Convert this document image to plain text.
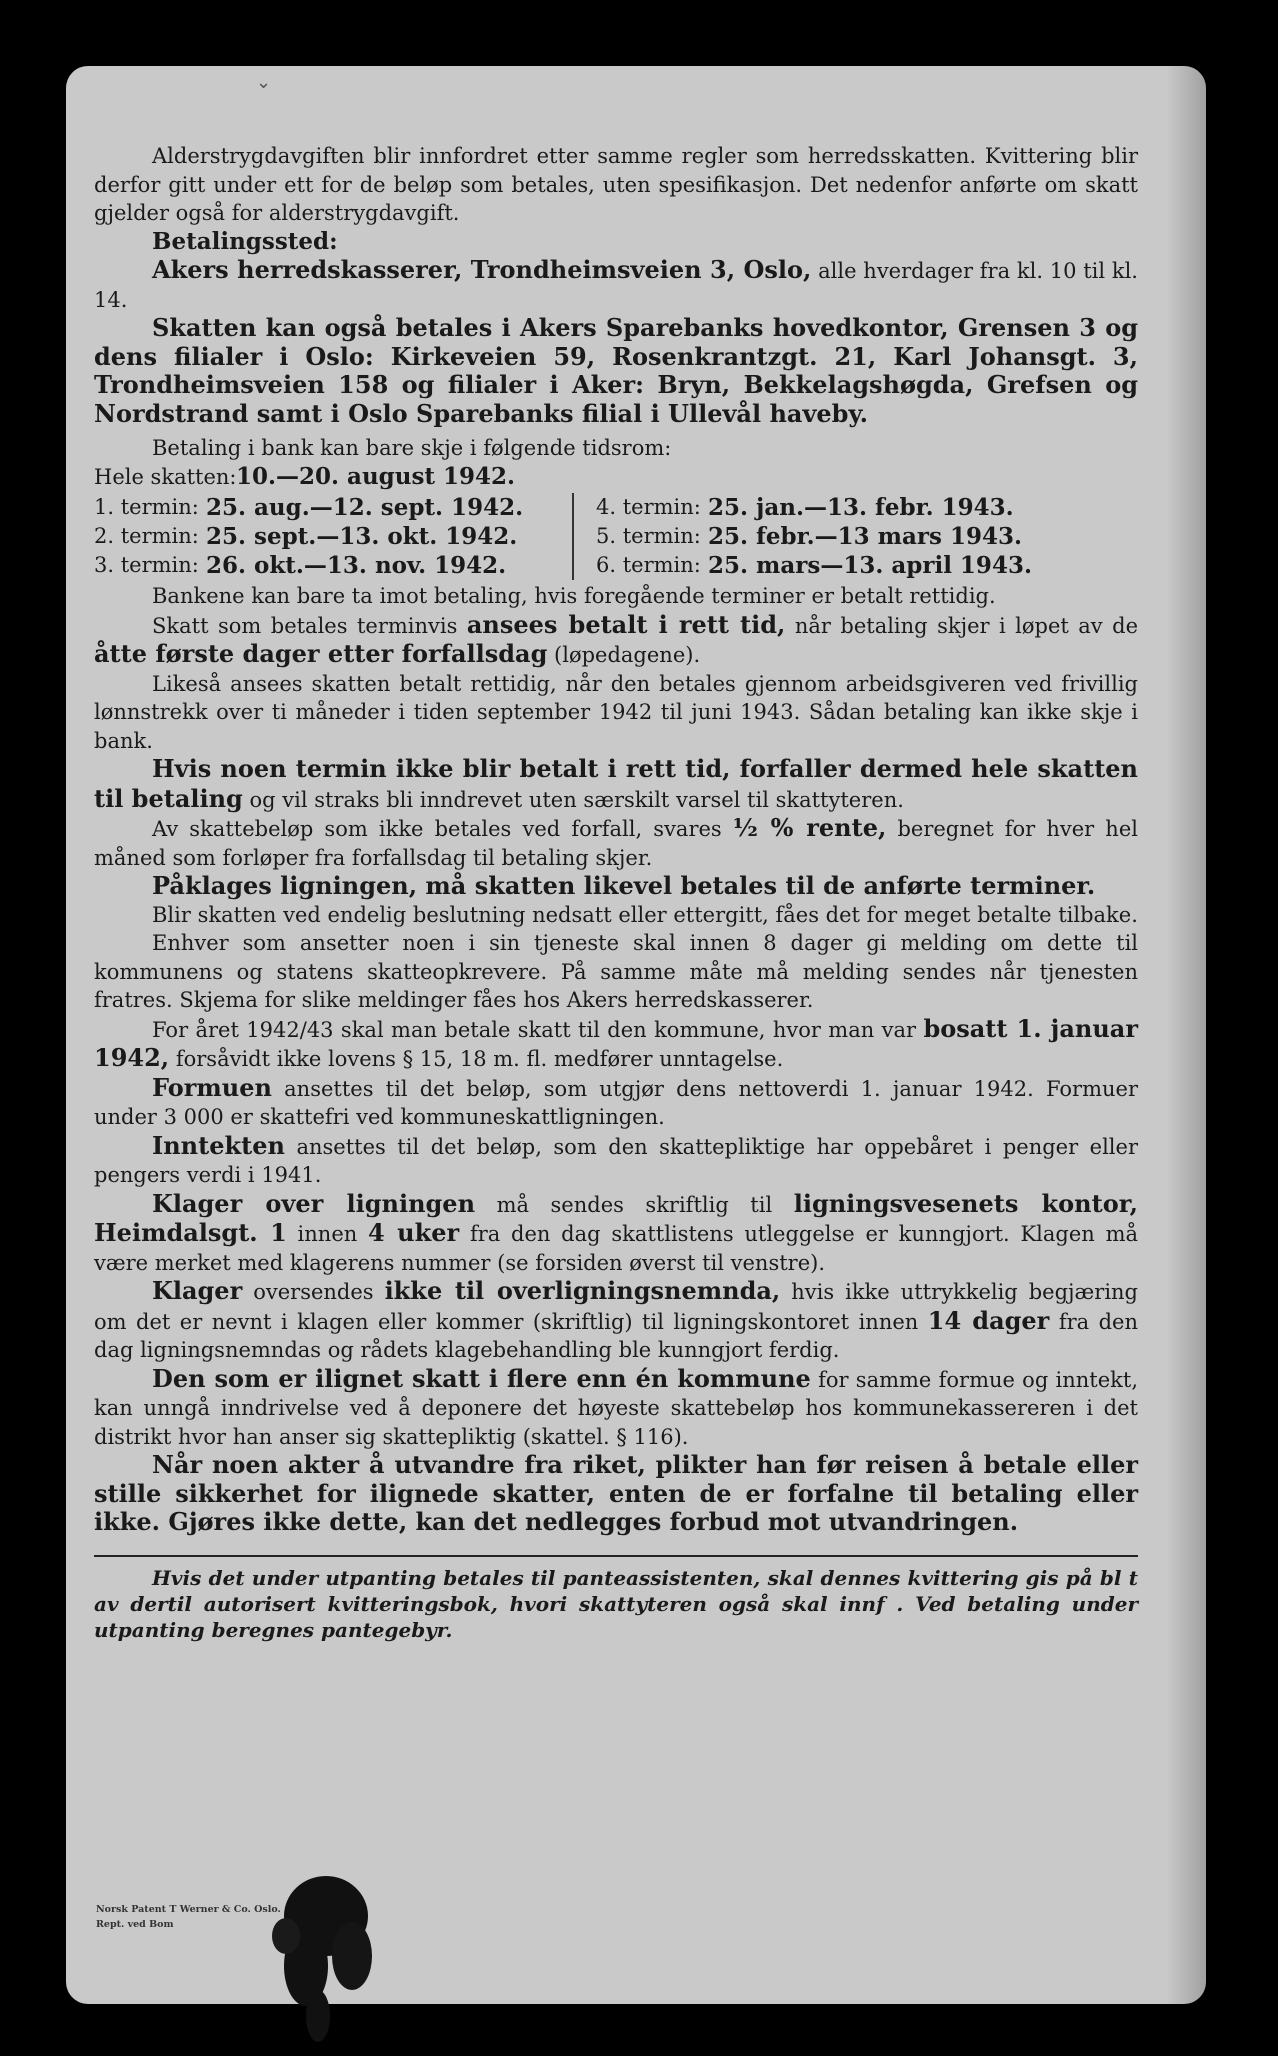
⌄

Alderstrygdavgiften blir innfordret etter samme regler som herredsskatten. Kvittering blir derfor gitt under ett for de beløp som betales, uten spesifikasjon. Det nedenfor anførte om skatt gjelder også for alderstrygdavgift.

Betalingssted:

Akers herredskasserer, Trondheimsveien 3, Oslo, alle hverdager fra kl. 10 til kl. 14.

Skatten kan også betales i Akers Sparebanks hovedkontor, Grensen 3 og dens filialer i Oslo: Kirkeveien 59, Rosenkrantzgt. 21, Karl Johansgt. 3, Trondheimsveien 158 og filialer i Aker: Bryn, Bekkelagshøgda, Grefsen og Nordstrand samt i Oslo Sparebanks filial i Ullevål haveby.

Betaling i bank kan bare skje i følgende tidsrom:

Hele skatten: 10.—20. august 1942.
1. termin: 25. aug.—12. sept. 1942.
2. termin: 25. sept.—13. okt. 1942.
3. termin: 26. okt.—13. nov. 1942.
4. termin: 25. jan.—13. febr. 1943.
5. termin: 25. febr.—13 mars 1943.
6. termin: 25. mars—13. april 1943.

Bankene kan bare ta imot betaling, hvis foregående terminer er betalt rettidig.

Skatt som betales terminvis ansees betalt i rett tid, når betaling skjer i løpet av de åtte første dager etter forfallsdag (løpedagene).

Likeså ansees skatten betalt rettidig, når den betales gjennom arbeidsgiveren ved frivillig lønnstrekk over ti måneder i tiden september 1942 til juni 1943. Sådan betaling kan ikke skje i bank.

Hvis noen termin ikke blir betalt i rett tid, forfaller dermed hele skatten til betaling og vil straks bli inndrevet uten særskilt varsel til skattyteren.

Av skattebeløp som ikke betales ved forfall, svares ½ % rente, beregnet for hver hel måned som forløper fra forfallsdag til betaling skjer.

Påklages ligningen, må skatten likevel betales til de anførte terminer.

Blir skatten ved endelig beslutning nedsatt eller ettergitt, fåes det for meget betalte tilbake.

Enhver som ansetter noen i sin tjeneste skal innen 8 dager gi melding om dette til kommunens og statens skatteopkrevere. På samme måte må melding sendes når tjenesten fratres. Skjema for slike meldinger fåes hos Akers herredskasserer.

For året 1942/43 skal man betale skatt til den kommune, hvor man var bosatt 1. januar 1942, forsåvidt ikke lovens § 15, 18 m. fl. medfører unntagelse.

Formuen ansettes til det beløp, som utgjør dens nettoverdi 1. januar 1942. Formuer under 3 000 er skattefri ved kommuneskattligningen.

Inntekten ansettes til det beløp, som den skattepliktige har oppebåret i penger eller pengers verdi i 1941.

Klager over ligningen må sendes skriftlig til ligningsvesenets kontor, Heimdalsgt. 1 innen 4 uker fra den dag skattlistens utleggelse er kunngjort. Klagen må være merket med klagerens nummer (se forsiden øverst til venstre).

Klager oversendes ikke til overligningsnemnda, hvis ikke uttrykkelig begjæring om det er nevnt i klagen eller kommer (skriftlig) til ligningskontoret innen 14 dager fra den dag ligningsnemndas og rådets klagebehandling ble kunngjort ferdig.

Den som er ilignet skatt i flere enn én kommune for samme formue og inntekt, kan unngå inndrivelse ved å deponere det høyeste skattebeløp hos kommunekassereren i det distrikt hvor han anser sig skattepliktig (skattel. § 116).

Når noen akter å utvandre fra riket, plikter han før reisen å betale eller stille sikkerhet for ilignede skatter, enten de er forfalne til betaling eller ikke. Gjøres ikke dette, kan det nedlegges forbud mot utvandringen.

Hvis det under utpanting betales til panteassistenten, skal dennes kvittering gis på bl t av dertil autorisert kvitteringsbok, hvori skattyteren også skal innf . Ved betaling under utpanting beregnes pantegebyr.

Norsk Patent T Werner & Co. Oslo.
Rept. ved Bom
